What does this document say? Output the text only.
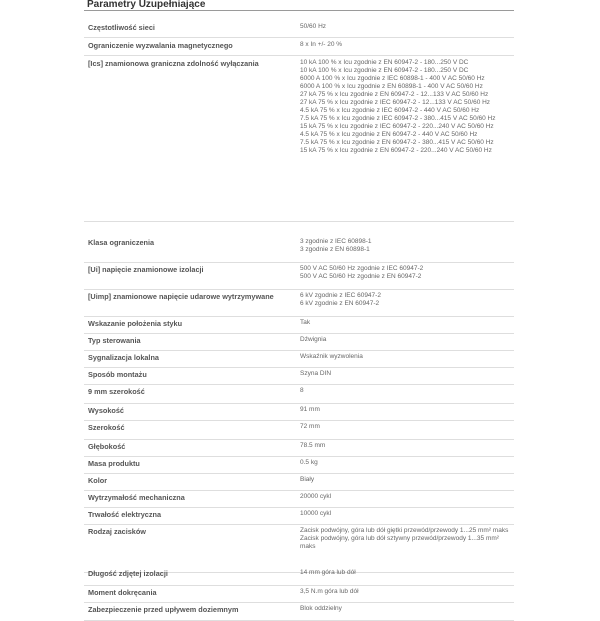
Parametry Uzupełniające
Częstotliwość sieci	50/60 Hz
Ograniczenie wyzwalania magnetycznego	8 x In +/- 20 %
[Ics] znamionowa graniczna zdolność wyłączania	10 kA 100 % x Icu zgodnie z EN 60947-2 - 180...250 V DC
10 kA 100 % x Icu zgodnie z EN 60947-2 - 180...250 V DC
6000 A 100 % x Icu zgodnie z IEC 60898-1 - 400 V AC 50/60 Hz
6000 A 100 % x Icu zgodnie z EN 60898-1 - 400 V AC 50/60 Hz
27 kA 75 % x Icu zgodnie z EN 60947-2 - 12...133 V AC 50/60 Hz
27 kA 75 % x Icu zgodnie z IEC 60947-2 - 12...133 V AC 50/60 Hz
4.5 kA 75 % x Icu zgodnie z IEC 60947-2 - 440 V AC 50/60 Hz
7.5 kA 75 % x Icu zgodnie z IEC 60947-2 - 380...415 V AC 50/60 Hz
15 kA 75 % x Icu zgodnie z IEC 60947-2 - 220...240 V AC 50/60 Hz
4.5 kA 75 % x Icu zgodnie z EN 60947-2 - 440 V AC 50/60 Hz
7.5 kA 75 % x Icu zgodnie z EN 60947-2 - 380...415 V AC 50/60 Hz
15 kA 75 % x Icu zgodnie z EN 60947-2 - 220...240 V AC 50/60 Hz
Klasa ograniczenia	3 zgodnie z IEC 60898-1
3 zgodnie z EN 60898-1
[Ui] napięcie znamionowe izolacji	500 V AC 50/60 Hz zgodnie z IEC 60947-2
500 V AC 50/60 Hz zgodnie z EN 60947-2
[Uimp] znamionowe napięcie udarowe wytrzymywane	6 kV zgodnie z IEC 60947-2
6 kV zgodnie z EN 60947-2
Wskazanie położenia styku	Tak
Typ sterowania	Dźwignia
Sygnalizacja lokalna	Wskaźnik wyzwolenia
Sposób montażu	Szyna DIN
9 mm szerokość	8
Wysokość	91 mm
Szerokość	72 mm
Głębokość	78.5 mm
Masa produktu	0.5 kg
Kolor	Biały
Wytrzymałość mechaniczna	20000 cykl
Trwałość elektryczna	10000 cykl
Rodzaj zacisków	Zacisk podwójny, góra lub dół giętki przewód/przewody 1...25 mm² maks
Zacisk podwójny, góra lub dół sztywny przewód/przewody 1...35 mm² maks
Długość zdjętej izolacji	14 mm góra lub dół
Moment dokręcania	3,5 N.m góra lub dół
Zabezpieczenie przed upływem doziemnym	Blok oddzielny
